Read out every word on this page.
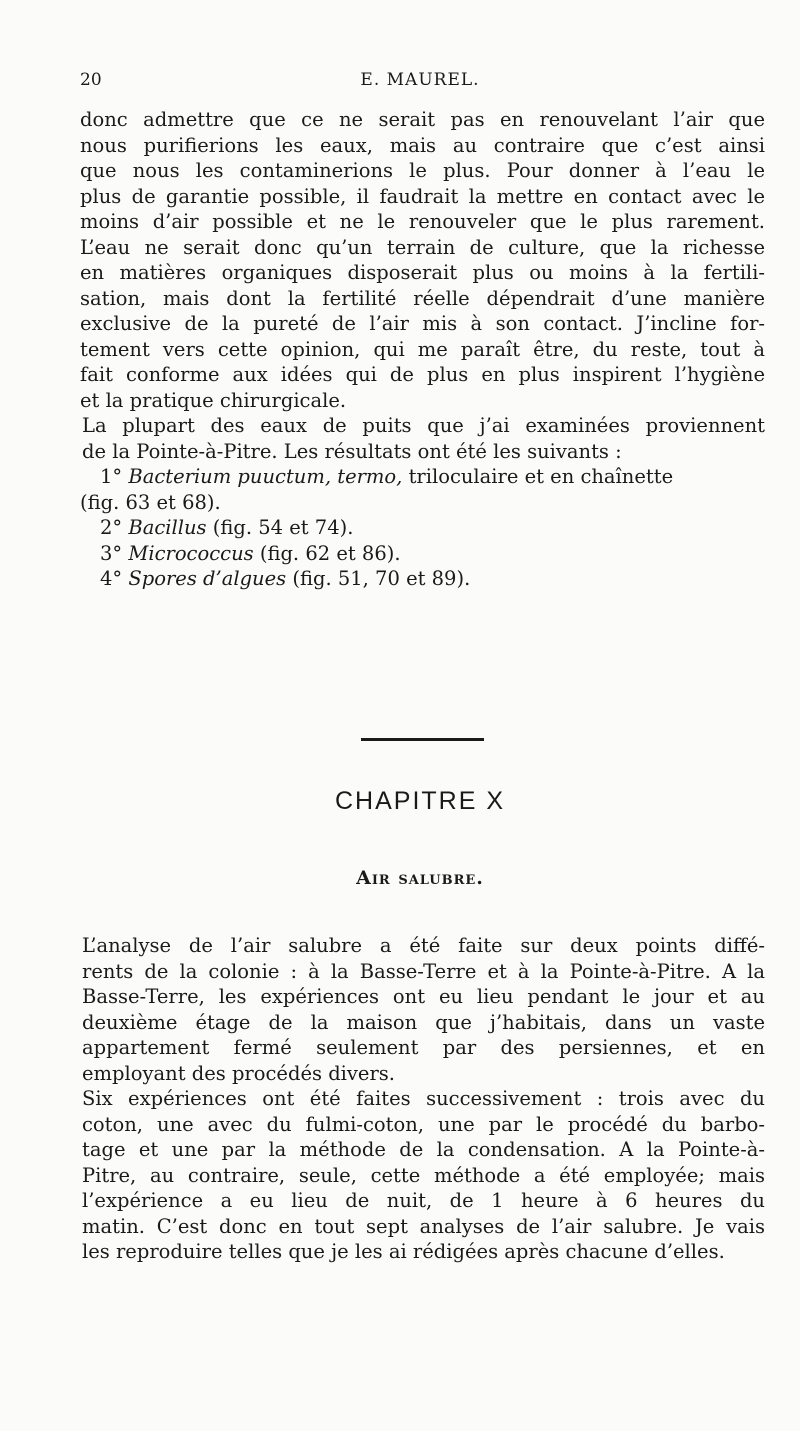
20	E. MAUREL.

donc admettre que ce ne serait pas en renouvelant l’air que
nous purifierions les eaux, mais au contraire que c’est ainsi
que nous les contaminerions le plus. Pour donner à l’eau le
plus de garantie possible, il faudrait la mettre en contact avec le
moins d’air possible et ne le renouveler que le plus rarement.
L’eau ne serait donc qu’un terrain de culture, que la richesse
en matières organiques disposerait plus ou moins à la fertili-
sation, mais dont la fertilité réelle dépendrait d’une manière
exclusive de la pureté de l’air mis à son contact. J’incline for-
tement vers cette opinion, qui me paraît être, du reste, tout à
fait conforme aux idées qui de plus en plus inspirent l’hygiène
et la pratique chirurgicale.

La plupart des eaux de puits que j’ai examinées proviennent
de la Pointe-à-Pitre. Les résultats ont été les suivants :

1° Bacterium puuctum, termo, triloculaire et en chaînette
(fig. 63 et 68).
2° Bacillus (fig. 54 et 74).
3° Micrococcus (fig. 62 et 86).
4° Spores d’algues (fig. 51, 70 et 89).
CHAPITRE X
Air salubre.

L’analyse de l’air salubre a été faite sur deux points diffé-
rents de la colonie : à la Basse-Terre et à la Pointe-à-Pitre. A la
Basse-Terre, les expériences ont eu lieu pendant le jour et au
deuxième étage de la maison que j’habitais, dans un vaste
appartement fermé seulement par des persiennes, et en
employant des procédés divers.

Six expériences ont été faites successivement : trois avec du
coton, une avec du fulmi-coton, une par le procédé du barbo-
tage et une par la méthode de la condensation. A la Pointe-à-
Pitre, au contraire, seule, cette méthode a été employée; mais
l’expérience a eu lieu de nuit, de 1 heure à 6 heures du
matin. C’est donc en tout sept analyses de l’air salubre. Je vais
les reproduire telles que je les ai rédigées après chacune d’elles.
